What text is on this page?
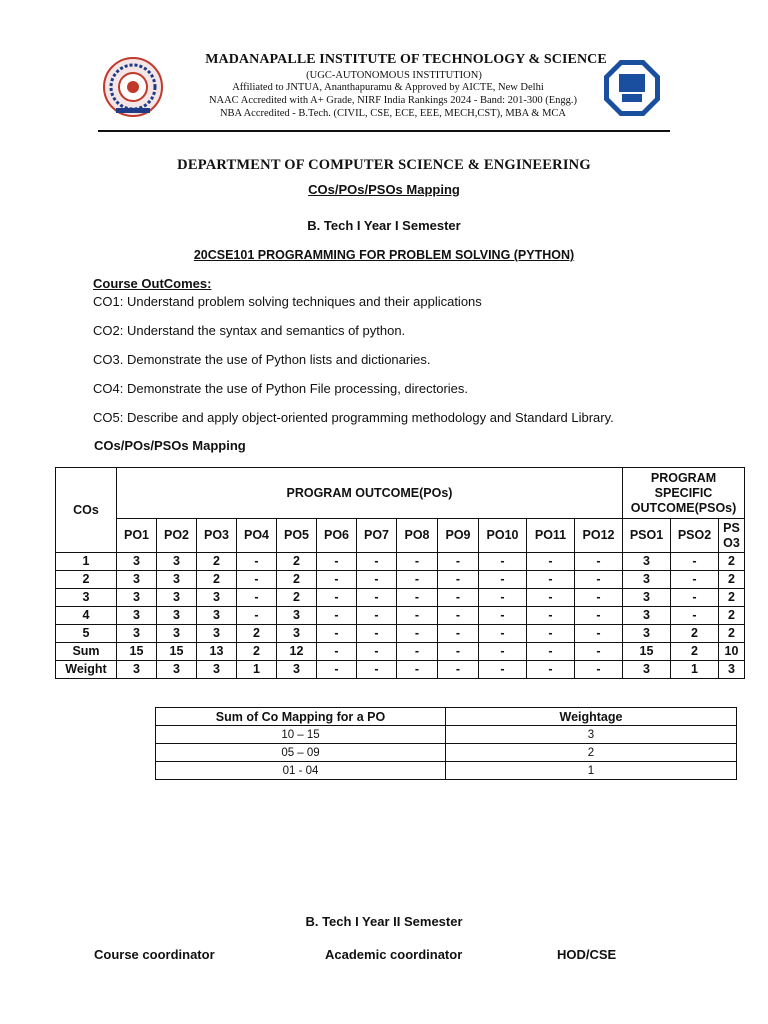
MADANAPALLE INSTITUTE OF TECHNOLOGY & SCIENCE
(UGC-AUTONOMOUS INSTITUTION)
Affiliated to JNTUA, Ananthapuramu & Approved by AICTE, New Delhi
NAAC Accredited with A+ Grade, NIRF India Rankings 2024 - Band: 201-300 (Engg.)
NBA Accredited - B.Tech. (CIVIL, CSE, ECE, EEE, MECH,CST), MBA & MCA
DEPARTMENT OF COMPUTER SCIENCE & ENGINEERING
COs/POs/PSOs Mapping
B. Tech I Year I Semester
20CSE101 PROGRAMMING FOR PROBLEM SOLVING (PYTHON)
Course OutComes:
CO1: Understand problem solving techniques and their applications
CO2: Understand the syntax and semantics of python.
CO3. Demonstrate the use of Python lists and dictionaries.
CO4: Demonstrate the use of Python File processing, directories.
CO5: Describe and apply object-oriented programming methodology and Standard Library.
COs/POs/PSOs Mapping
COs	PROGRAM OUTCOME(POs)												PROGRAM SPECIFIC OUTCOME(PSOs)		
	PO1	PO2	PO3	PO4	PO5	PO6	PO7	PO8	PO9	PO10	PO11	PO12	PSO1	PSO2	PS O3
1	3	3	2	-	2	-	-	-	-	-	-	-	3	-	2
2	3	3	2	-	2	-	-	-	-	-	-	-	3	-	2
3	3	3	3	-	2	-	-	-	-	-	-	-	3	-	2
4	3	3	3	-	3	-	-	-	-	-	-	-	3	-	2
5	3	3	3	2	3	-	-	-	-	-	-	-	3	2	2
Sum	15	15	13	2	12	-	-	-	-	-	-	-	15	2	10
Weight	3	3	3	1	3	-	-	-	-	-	-	-	3	1	3
Sum of Co Mapping for a PO	Weightage
10 – 15	3
05 – 09	2
01 - 04	1
B. Tech I Year II Semester
Course coordinator	Academic coordinator	HOD/CSE
